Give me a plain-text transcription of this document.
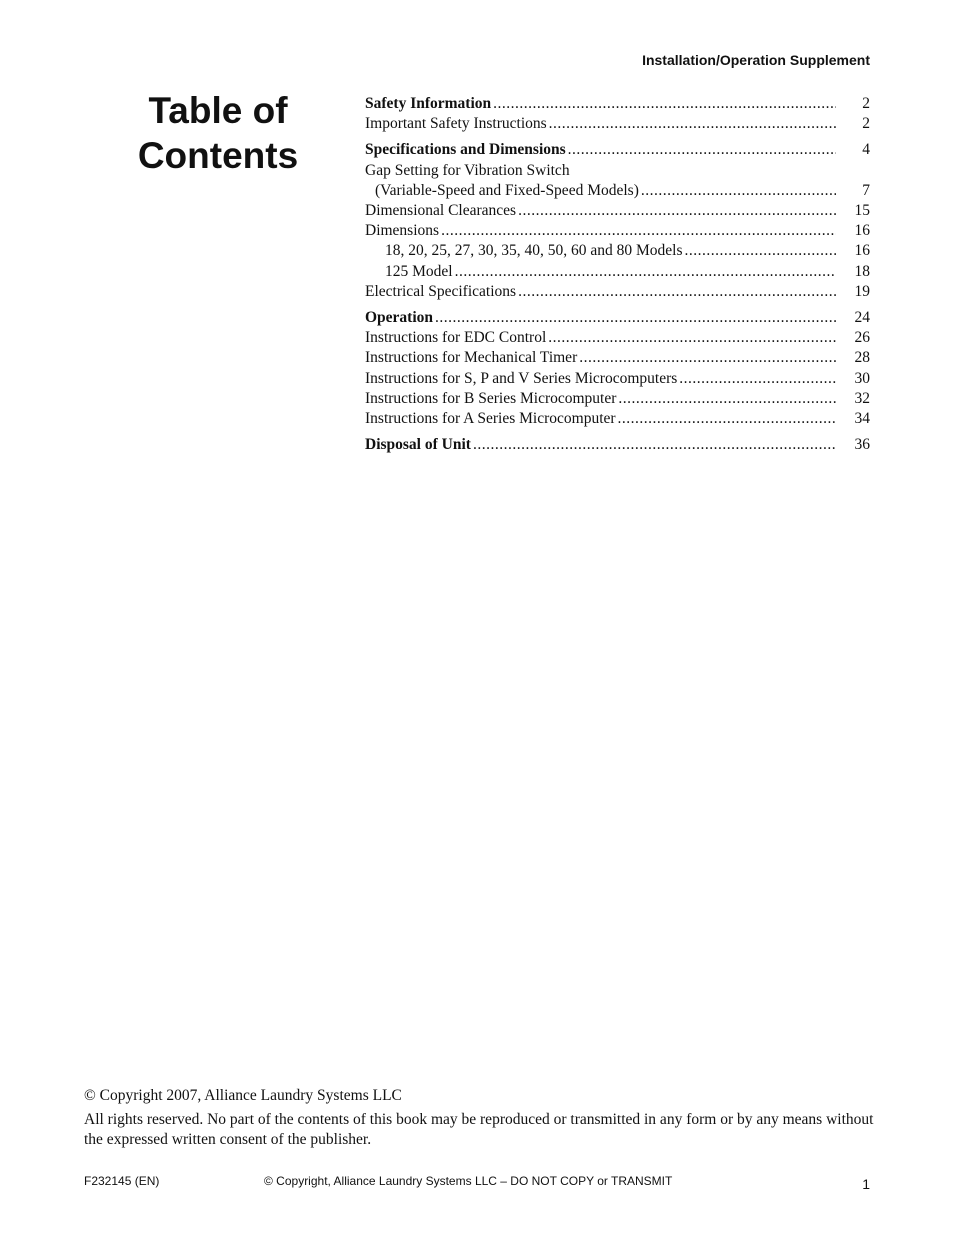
Installation/Operation Supplement
Table of
Contents
Safety Information .....	2
Important Safety Instructions .....	2
Specifications and Dimensions .....	4
Gap Setting for Vibration Switch
(Variable-Speed and Fixed-Speed Models) .....	7
Dimensional Clearances .....	15
Dimensions .....	16
18, 20, 25, 27, 30, 35, 40, 50, 60 and 80 Models .....	16
125 Model .....	18
Electrical Specifications .....	19
Operation .....	24
Instructions for EDC Control .....	26
Instructions for Mechanical Timer .....	28
Instructions for S, P and V Series Microcomputers .....	30
Instructions for B Series Microcomputer .....	32
Instructions for A Series Microcomputer .....	34
Disposal of Unit .....	36

© Copyright 2007, Alliance Laundry Systems LLC

All rights reserved. No part of the contents of this book may be reproduced or transmitted in any form or by any means without the expressed written consent of the publisher.

F232145 (EN)	© Copyright, Alliance Laundry Systems LLC – DO NOT COPY or TRANSMIT	1
